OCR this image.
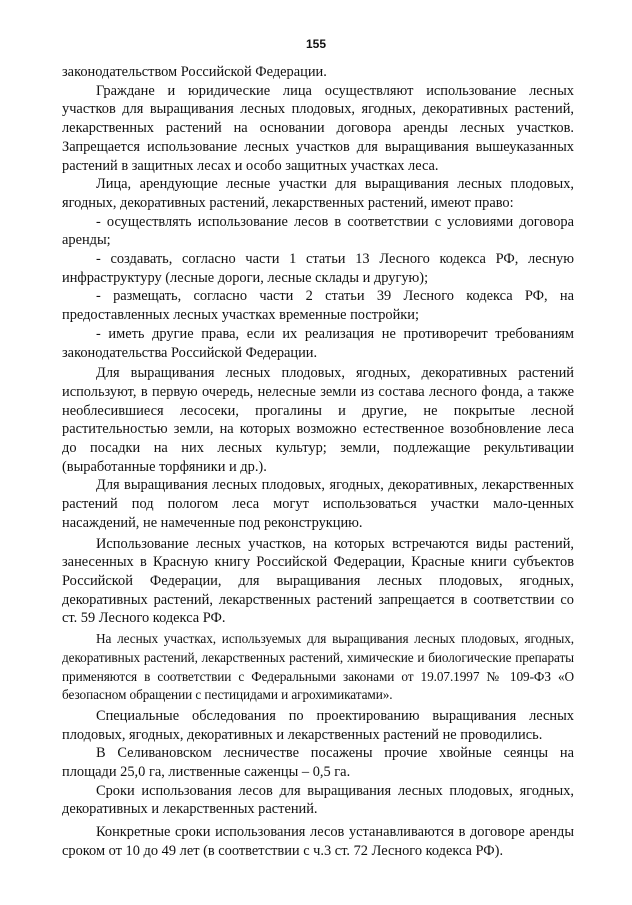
155

законодательством Российской Федерации.

Граждане и юридические лица осуществляют использование лесных участков для выращивания лесных плодовых, ягодных, декоративных растений, лекарственных растений на основании договора аренды лесных участков. Запрещается использование лесных участков для выращивания вышеуказанных растений в защитных лесах и особо защитных участках леса.

Лица, арендующие лесные участки для выращивания лесных плодовых, ягодных, декоративных растений, лекарственных растений, имеют право:

- осуществлять использование лесов в соответствии с условиями договора аренды;

- создавать, согласно части 1 статьи 13 Лесного кодекса РФ, лесную инфраструктуру (лесные дороги, лесные склады и другую);

- размещать, согласно части 2 статьи 39 Лесного кодекса РФ, на предоставленных лесных участках временные постройки;

- иметь другие права, если их реализация не противоречит требованиям законодательства Российской Федерации.

Для выращивания лесных плодовых, ягодных, декоративных растений используют, в первую очередь, нелесные земли из состава лесного фонда, а также необлесившиеся лесосеки, прогалины и другие, не покрытые лесной растительностью земли, на которых возможно естественное возобновление леса до посадки на них лесных культур; земли, подлежащие рекультивации (выработанные торфяники и др.).

Для выращивания лесных плодовых, ягодных, декоративных, лекарственных растений под пологом леса могут использоваться участки мало-ценных насаждений, не намеченные под реконструкцию.

Использование лесных участков, на которых встречаются виды растений, занесенных в Красную книгу Российской Федерации, Красные книги субъектов Российской Федерации, для выращивания лесных плодовых, ягодных, декоративных растений, лекарственных растений запрещается в соответствии со ст. 59 Лесного кодекса РФ.

На лесных участках, используемых для выращивания лесных плодовых, ягодных, декоративных растений, лекарственных растений, химические и биологические препараты применяются в соответствии с Федеральными законами от 19.07.1997 № 109-ФЗ «О безопасном обращении с пестицидами и агрохимикатами».

Специальные обследования по проектированию выращивания лесных плодовых, ягодных, декоративных и лекарственных растений не проводились.

В Селивановском лесничестве посажены прочие хвойные сеянцы на площади 25,0 га, лиственные саженцы – 0,5 га.

Сроки использования лесов для выращивания лесных плодовых, ягодных, декоративных и лекарственных растений.

Конкретные сроки использования лесов устанавливаются в договоре аренды сроком от 10 до 49 лет (в соответствии с ч.3 ст. 72 Лесного кодекса РФ).
